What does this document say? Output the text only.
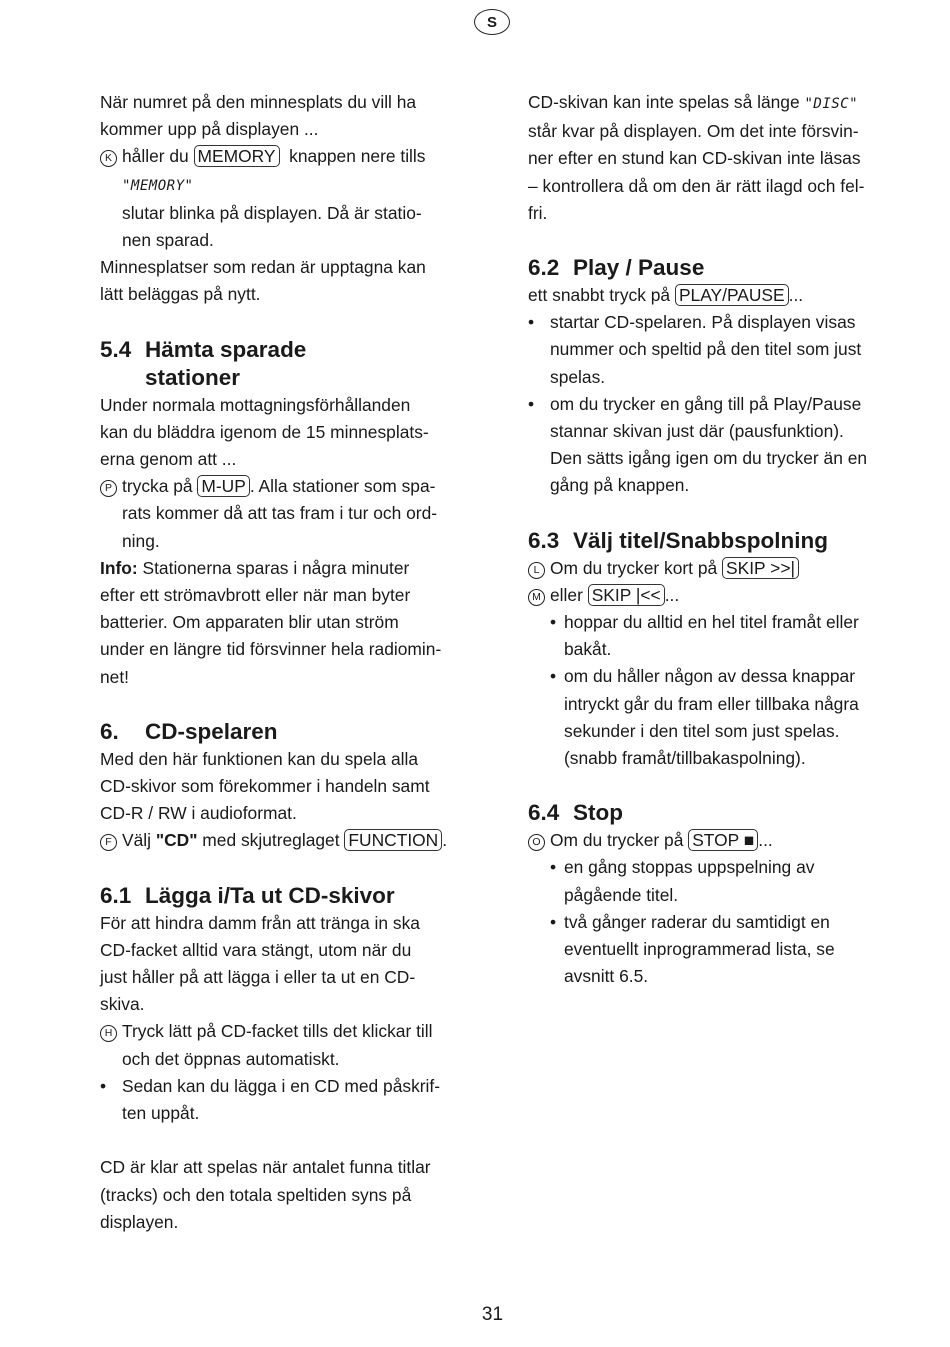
S

När numret på den minnesplats du vill ha

kommer upp på displayen ...

K håller du MEMORY  knappen nere tills

"MEMORY"

slutar blinka på displayen. Då är statio-

nen sparad.

Minnesplatser som redan är upptagna kan

lätt beläggas på nytt.

5.4 Hämta sparade
stationer

Under normala mottagningsförhållanden

kan du bläddra igenom de 15 minnesplats-

erna genom att ...

P trycka på M-UP . Alla stationer som spa-

rats kommer då att tas fram i tur och ord-

ning.

Info: Stationerna sparas i några minuter

efter ett strömavbrott eller när man byter

batterier. Om apparaten blir utan ström

under en längre tid försvinner hela radiomin-

net!

6. CD-spelaren

Med den här funktionen kan du spela alla

CD-skivor som förekommer i handeln samt

CD-R / RW i audioformat.

F Välj "CD" med skjutreglaget FUNCTION .

6.1 Lägga i/Ta ut CD-skivor

För att hindra damm från att tränga in ska

CD-facket alltid vara stängt, utom när du

just håller på att lägga i eller ta ut en CD-

skiva.

H Tryck lätt på CD-facket tills det klickar till

och det öppnas automatiskt.

• Sedan kan du lägga i en CD med påskrif-

ten uppåt.

CD är klar att spelas när antalet funna titlar

(tracks) och den totala speltiden syns på

displayen.

CD-skivan kan inte spelas så länge "DISC"

står kvar på displayen. Om det inte försvin-

ner efter en stund kan CD-skivan inte läsas

– kontrollera då om den är rätt ilagd och fel-

fri.

6.2 Play / Pause

ett snabbt tryck på PLAY/PAUSE ...

• startar CD-spelaren. På displayen visas

nummer och speltid på den titel som just

spelas.

• om du trycker en gång till på Play/Pause

stannar skivan just där (pausfunktion).

Den sätts igång igen om du trycker än en

gång på knappen.

6.3 Välj titel/Snabbspolning

L Om du trycker kort på SKIP >>|

M eller SKIP |<< ...

• hoppar du alltid en hel titel framåt eller

bakåt.

• om du håller någon av dessa knappar

intryckt går du fram eller tillbaka några

sekunder i den titel som just spelas.

(snabb framåt/tillbakaspolning).

6.4 Stop

O Om du trycker på STOP ■ ...

• en gång stoppas uppspelning av

pågående titel.

• två gånger raderar du samtidigt en

eventuellt inprogrammerad lista, se

avsnitt 6.5.

31
